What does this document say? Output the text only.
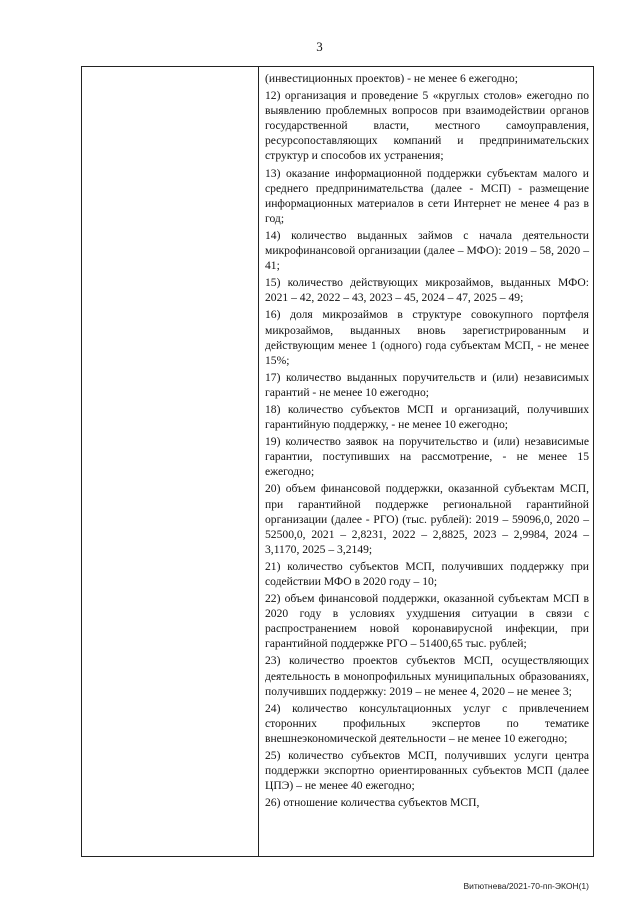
3

(инвестиционных проектов) - не менее 6 ежегодно;

12) организация и проведение 5 «круглых столов» ежегодно по выявлению проблемных вопросов при взаимодействии органов государственной власти, местного самоуправления, ресурсопоставляющих компаний и предпринимательских структур и способов их устранения;

13) оказание информационной поддержки субъектам малого и среднего предпринимательства (далее - МСП) - размещение информационных материалов в сети Интернет не менее 4 раз в год;

14) количество выданных займов с начала деятельности микрофинансовой организации (далее – МФО): 2019 – 58, 2020 – 41;

15) количество действующих микрозаймов, выданных МФО: 2021 – 42, 2022 – 43, 2023 – 45, 2024 – 47, 2025 – 49;

16) доля микрозаймов в структуре совокупного портфеля микрозаймов, выданных вновь зарегистрированным и действующим менее 1 (одного) года субъектам МСП, - не менее 15%;

17) количество выданных поручительств и (или) независимых гарантий - не менее 10 ежегодно;

18) количество субъектов МСП и организаций, получивших гарантийную поддержку, - не менее 10 ежегодно;

19) количество заявок на поручительство и (или) независимые гарантии, поступивших на рассмотрение, - не менее 15 ежегодно;

20) объем финансовой поддержки, оказанной субъектам МСП, при гарантийной поддержке региональной гарантийной организации (далее - РГО) (тыс. рублей): 2019 – 59096,0, 2020 – 52500,0, 2021 – 2,8231, 2022 – 2,8825, 2023 – 2,9984, 2024 – 3,1170, 2025 – 3,2149;

21) количество субъектов МСП, получивших поддержку при содействии МФО в 2020 году – 10;

22) объем финансовой поддержки, оказанной субъектам МСП в 2020 году в условиях ухудшения ситуации в связи с распространением новой коронавирусной инфекции, при гарантийной поддержке РГО – 51400,65 тыс. рублей;

23) количество проектов субъектов МСП, осуществляющих деятельность в монопрофильных муниципальных образованиях, получивших поддержку: 2019 – не менее 4, 2020 – не менее 3;

24) количество консультационных услуг с привлечением сторонних профильных экспертов по тематике внешнеэкономической деятельности – не менее 10 ежегодно;

25) количество субъектов МСП, получивших услуги центра поддержки экспортно ориентированных субъектов МСП (далее ЦПЭ) – не менее 40 ежегодно;

26) отношение количества субъектов МСП,

Витютнева/2021-70-пп-ЭКОН(1)
